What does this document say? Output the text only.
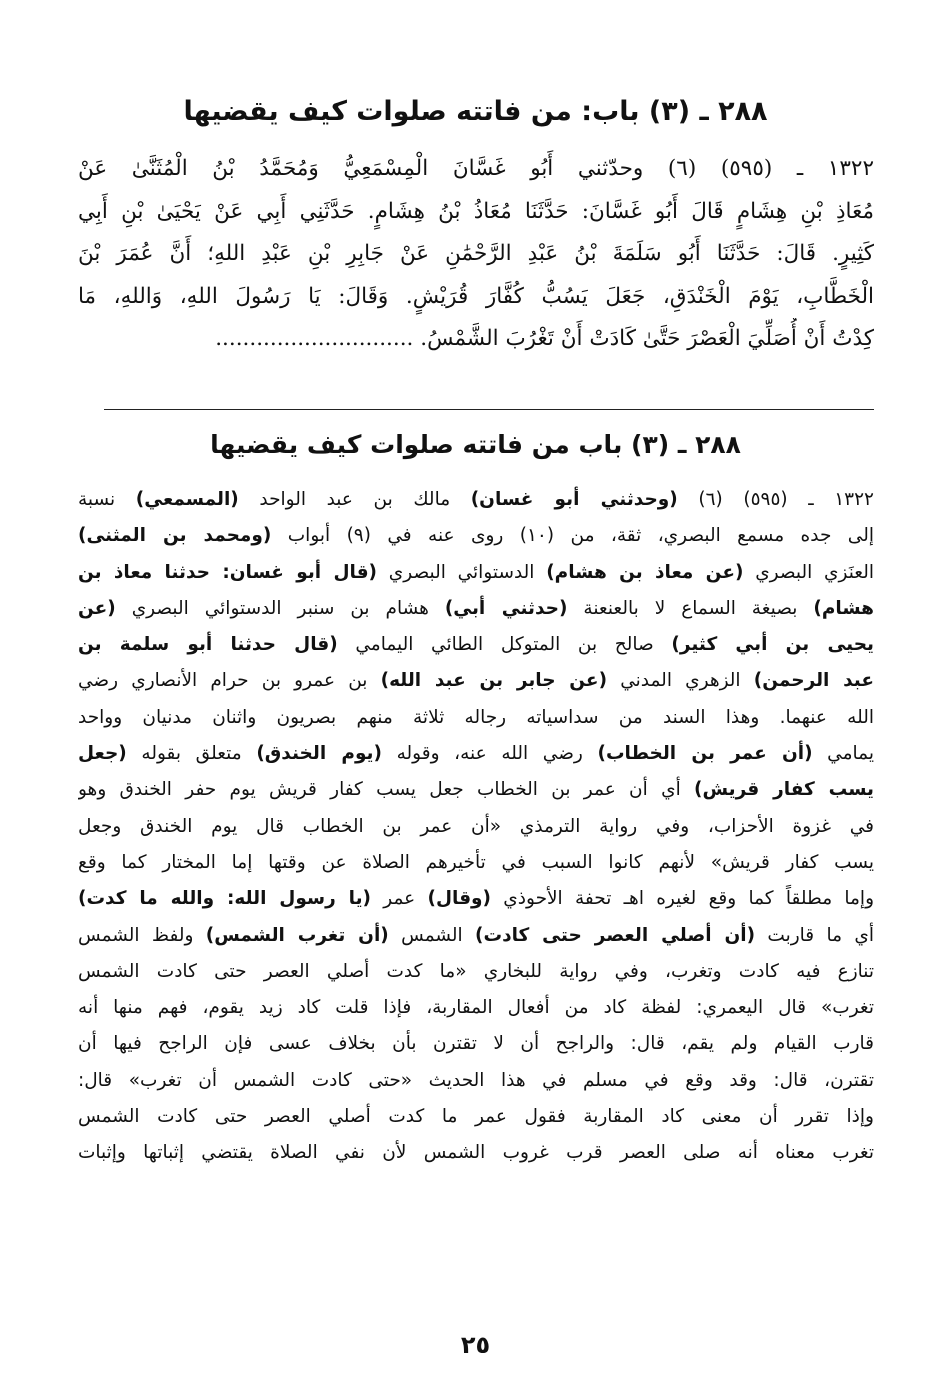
٢٨٨ ـ (٣) باب: من فاتته صلوات كيف يقضيها
١٣٢٢ ـ (٥٩٥) (٦) وحدّثني أَبُو غَسَّانَ الْمِسْمَعِيُّ وَمُحَمَّدُ بْنُ الْمُثَنَّىٰ عَنْ
مُعَاذِ بْنِ هِشَامٍ قَالَ أَبُو غَسَّانَ: حَدَّثَنَا مُعَاذُ بْنُ هِشَامٍ. حَدَّثَنِي أَبِي عَنْ يَحْيَىٰ بْنِ أَبِي
كَثِيرٍ. قَالَ: حَدَّثَنَا أَبُو سَلَمَةَ بْنُ عَبْدِ الرَّحْمَٰنِ عَنْ جَابِرِ بْنِ عَبْدِ اللهِ؛ أَنَّ عُمَرَ بْنَ
الْخَطَّابِ، يَوْمَ الْخَنْدَقِ، جَعَلَ يَسُبُّ كُفَّارَ قُرَيْشٍ. وَقَالَ: يَا رَسُولَ اللهِ، وَاللهِ، مَا
كِدْتُ أَنْ أُصَلِّيَ الْعَصْرَ حَتَّىٰ كَادَتْ أَنْ تَغْرُبَ الشَّمْسُ. .............................
٢٨٨ ـ (٣) باب من فاتته صلوات كيف يقضيها
١٣٢٢ ـ (٥٩٥) (٦) (وحدثني أبو غسان) مالك بن عبد الواحد (المسمعي) نسبة
إلى جده مسمع البصري، ثقة، من (١٠) روى عنه في (٩) أبواب (ومحمد بن المثنى)
العنَزي البصري (عن معاذ بن هشام) الدستوائي البصري (قال أبو غسان: حدثنا معاذ بن
هشام) بصيغة السماع لا بالعنعنة (حدثني أبي) هشام بن سنبر الدستوائي البصري (عن
يحيى بن أبي كثير) صالح بن المتوكل الطائي اليمامي (قال حدثنا أبو سلمة بن
عبد الرحمن) الزهري المدني (عن جابر بن عبد الله) بن عمرو بن حرام الأنصاري رضي
الله عنهما. وهذا السند من سداسياته رجاله ثلاثة منهم بصريون واثنان مدنيان وواحد
يمامي (أن عمر بن الخطاب) رضي الله عنه، وقوله (يوم الخندق) متعلق بقوله (جعل
يسب كفار قريش) أي أن عمر بن الخطاب جعل يسب كفار قريش يوم حفر الخندق وهو
في غزوة الأحزاب، وفي رواية الترمذي «أن عمر بن الخطاب قال يوم الخندق وجعل
يسب كفار قريش» لأنهم كانوا السبب في تأخيرهم الصلاة عن وقتها إما المختار كما وقع
وإما مطلقاً كما وقع لغيره اهـ تحفة الأحوذي (وقال) عمر (يا رسول الله: والله ما كدت)
أي ما قاربت (أن أصلي العصر حتى كادت) الشمس (أن تغرب الشمس) ولفظ الشمس
تنازع فيه كادت وتغرب، وفي رواية للبخاري «ما كدت أصلي العصر حتى كادت الشمس
تغرب» قال اليعمري: لفظة كاد من أفعال المقاربة، فإذا قلت كاد زيد يقوم، فهم منها أنه
قارب القيام ولم يقم، قال: والراجح أن لا تقترن بأن بخلاف عسى فإن الراجح فيها أن
تقترن، قال: وقد وقع في مسلم في هذا الحديث «حتى كادت الشمس أن تغرب» قال:
وإذا تقرر أن معنى كاد المقاربة فقول عمر ما كدت أصلي العصر حتى كادت الشمس
تغرب معناه أنه صلى العصر قرب غروب الشمس لأن نفي الصلاة يقتضي إثباتها وإثبات
٢٥
